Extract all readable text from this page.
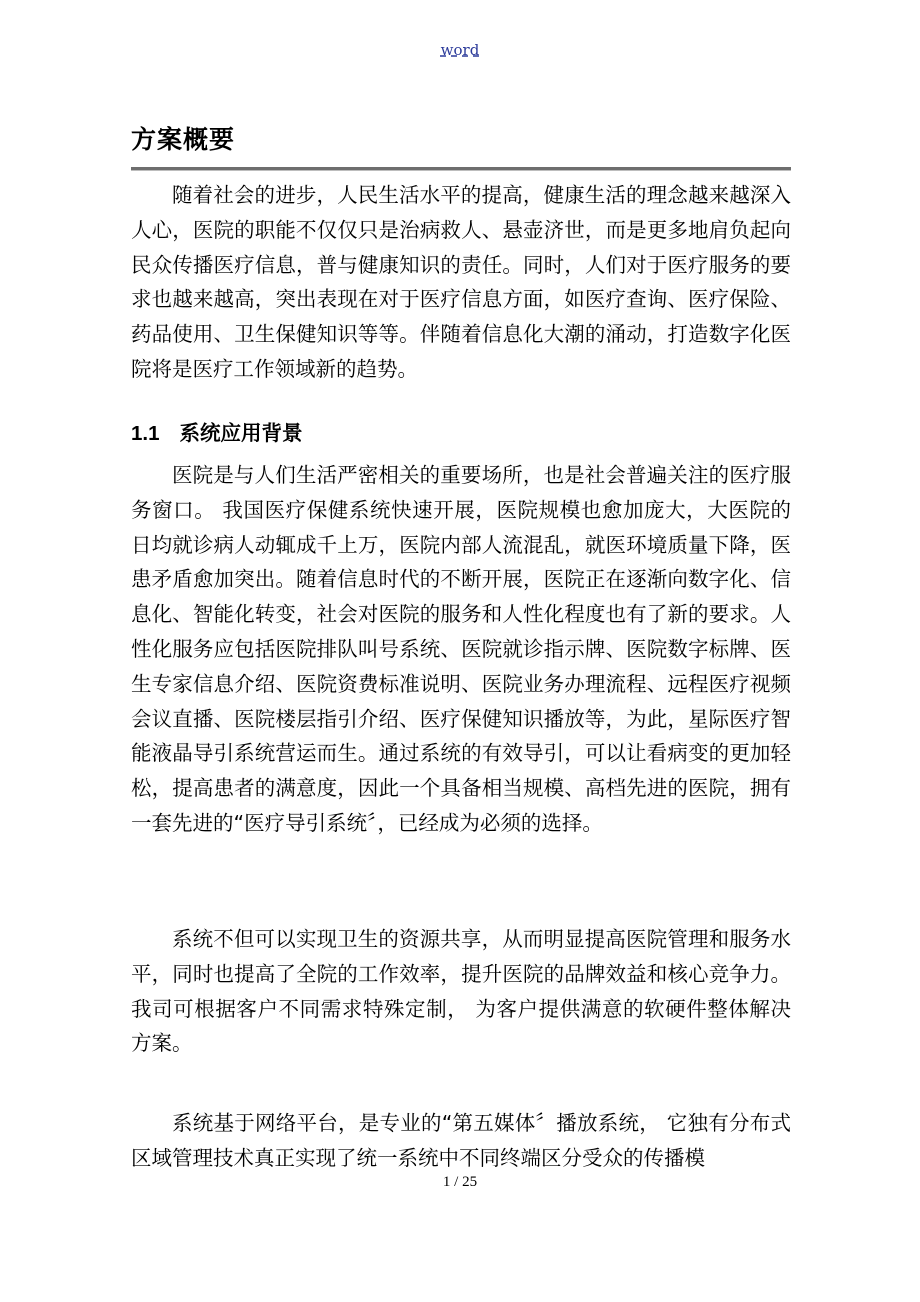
word
方案概要

随着社会的进步，人民生活水平的提高，健康生活的理念越来越深入人心，医院的职能不仅仅只是治病救人、悬壶济世，而是更多地肩负起向民众传播医疗信息，普与健康知识的责任。同时，人们对于医疗服务的要求也越来越高，突出表现在对于医疗信息方面，如医疗查询、医疗保险、药品使用、卫生保健知识等等。伴随着信息化大潮的涌动，打造数字化医院将是医疗工作领域新的趋势。

1.1 系统应用背景

医院是与人们生活严密相关的重要场所，也是社会普遍关注的医疗服务窗口。 我国医疗保健系统快速开展，医院规模也愈加庞大，大医院的日均就诊病人动辄成千上万，医院内部人流混乱，就医环境质量下降，医患矛盾愈加突出。随着信息时代的不断开展，医院正在逐渐向数字化、信息化、智能化转变，社会对医院的服务和人性化程度也有了新的要求。人性化服务应包括医院排队叫号系统、医院就诊指示牌、医院数字标牌、医生专家信息介绍、医院资费标准说明、医院业务办理流程、远程医疗视频会议直播、医院楼层指引介绍、医疗保健知识播放等，为此，星际医疗智能液晶导引系统营运而生。通过系统的有效导引，可以让看病变的更加轻松，提高患者的满意度，因此一个具备相当规模、高档先进的医院，拥有一套先进的“医疗导引系统〞，已经成为必须的选择。

系统不但可以实现卫生的资源共享，从而明显提高医院管理和服务水平，同时也提高了全院的工作效率，提升医院的品牌效益和核心竞争力。 我司可根据客户不同需求特殊定制， 为客户提供满意的软硬件整体解决方案。

系统基于网络平台，是专业的“第五媒体〞播放系统， 它独有分布式区域管理技术真正实现了统一系统中不同终端区分受众的传播模

1 / 25
